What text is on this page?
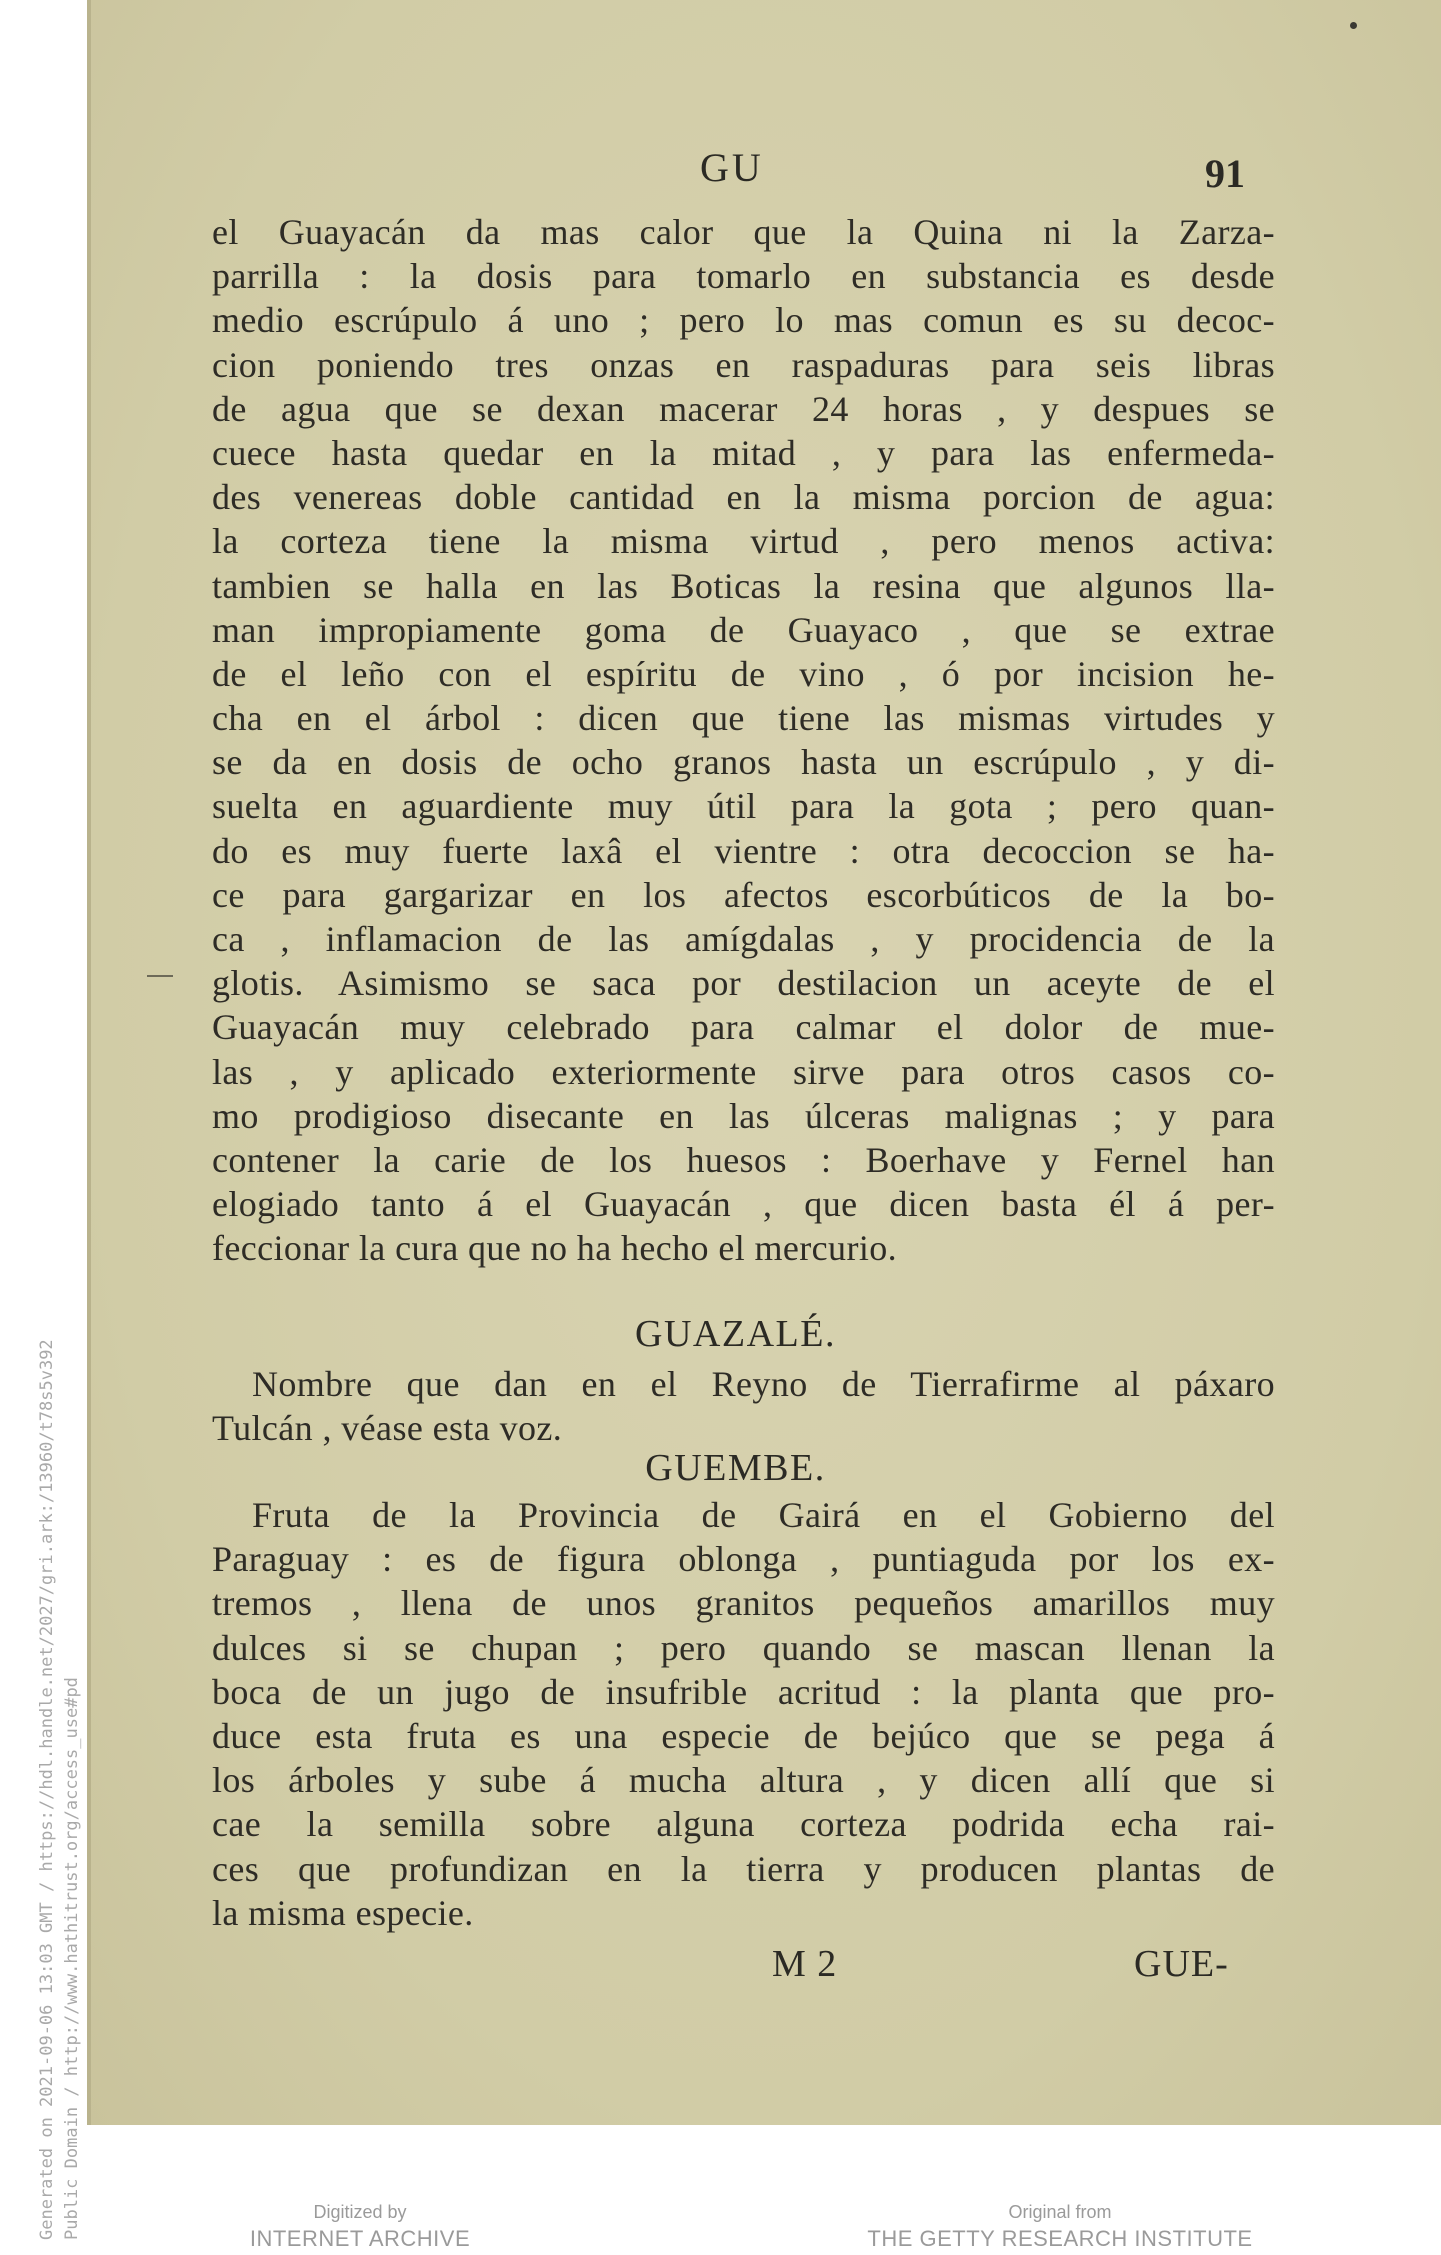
GU	91
el Guayacán da mas calor que la Quina ni la Zarza-
parrilla : la dosis para tomarlo en substancia es desde
medio escrúpulo á uno ; pero lo mas comun es su decoc-
cion poniendo tres onzas en raspaduras para seis libras
de agua que se dexan macerar 24 horas , y despues se
cuece hasta quedar en la mitad , y para las enfermeda-
des venereas doble cantidad en la misma porcion de agua:
la corteza tiene la misma virtud , pero menos activa:
tambien se halla en las Boticas la resina que algunos lla-
man impropiamente goma de Guayaco , que se extrae
de el leño con el espíritu de vino , ó por incision he-
cha en el árbol : dicen que tiene las mismas virtudes y
se da en dosis de ocho granos hasta un escrúpulo , y di-
suelta en aguardiente muy útil para la gota ; pero quan-
do es muy fuerte laxâ el vientre : otra decoccion se ha-
ce para gargarizar en los afectos escorbúticos de la bo-
ca , inflamacion de las amígdalas , y procidencia de la
glotis. Asimismo se saca por destilacion un aceyte de el
Guayacán muy celebrado para calmar el dolor de mue-
las , y aplicado exteriormente sirve para otros casos co-
mo prodigioso disecante en las úlceras malignas ; y para
contener la carie de los huesos : Boerhave y Fernel han
elogiado tanto á el Guayacán , que dicen basta él á per-
feccionar la cura que no ha hecho el mercurio.
GUAZALÉ.
Nombre que dan en el Reyno de Tierrafirme al páxaro
Tulcán , véase esta voz.
GUEMBE.
Fruta de la Provincia de Gairá en el Gobierno del
Paraguay : es de figura oblonga , puntiaguda por los ex-
tremos , llena de unos granitos pequeños amarillos muy
dulces si se chupan ; pero quando se mascan llenan la
boca de un jugo de insufrible acritud : la planta que pro-
duce esta fruta es una especie de bejúco que se pega á
los árboles y sube á mucha altura , y dicen allí que si
cae la semilla sobre alguna corteza podrida echa rai-
ces que profundizan en la tierra y producen plantas de
la misma especie.
M 2	GUE-
Generated on 2021-09-06 13:03 GMT / https://hdl.handle.net/2027/gri.ark:/13960/t78s5v392 Public Domain / http://www.hathitrust.org/access_use#pd	Digitized by
INTERNET ARCHIVE
Original from
THE GETTY RESEARCH INSTITUTE
